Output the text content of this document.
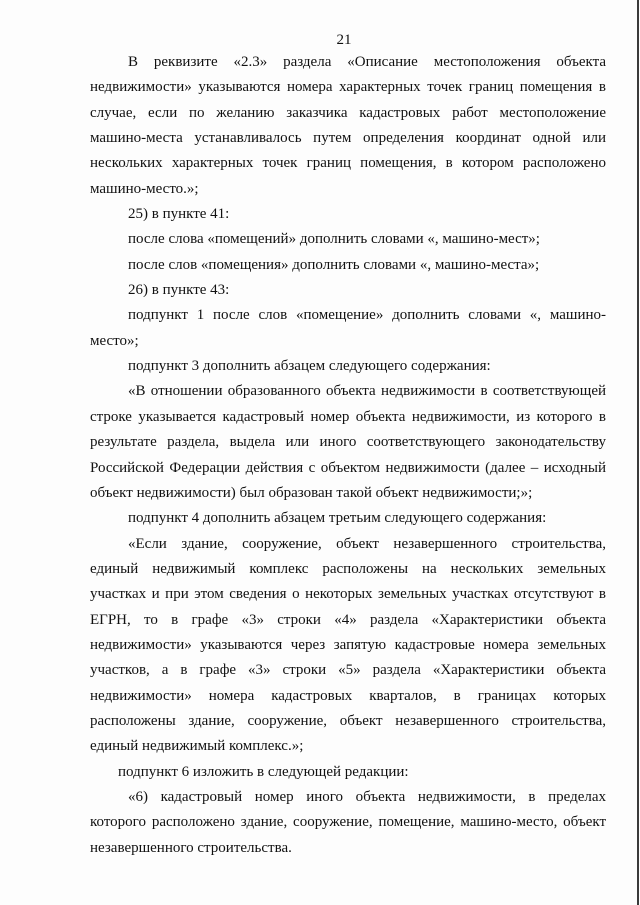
21
В реквизите «2.3» раздела «Описание местоположения объекта
недвижимости» указываются номера характерных точек границ помещения в
случае, если по желанию заказчика кадастровых работ местоположение
машино-места устанавливалось путем определения координат одной или
нескольких характерных точек границ помещения, в котором расположено
машино-место.»;
25) в пункте 41:
после слова «помещений» дополнить словами «, машино-мест»;
после слов «помещения» дополнить словами «, машино-места»;
26) в пункте 43:
подпункт 1 после слов «помещение» дополнить словами «, машино-
место»;
подпункт 3 дополнить абзацем следующего содержания:
«В отношении образованного объекта недвижимости в соответствующей
строке указывается кадастровый номер объекта недвижимости, из которого в
результате раздела, выдела или иного соответствующего законодательству
Российской Федерации действия с объектом недвижимости (далее – исходный
объект недвижимости) был образован такой объект недвижимости;»;
подпункт 4 дополнить абзацем третьим следующего содержания:
«Если здание, сооружение, объект незавершенного строительства,
единый недвижимый комплекс расположены на нескольких земельных
участках и при этом сведения о некоторых земельных участках отсутствуют в
ЕГРН, то в графе «3» строки «4» раздела «Характеристики объекта
недвижимости» указываются через запятую кадастровые номера земельных
участков, а в графе «3» строки «5» раздела «Характеристики объекта
недвижимости» номера кадастровых кварталов, в границах которых
расположены здание, сооружение, объект незавершенного строительства,
единый недвижимый комплекс.»;
подпункт 6 изложить в следующей редакции:
«6) кадастровый номер иного объекта недвижимости, в пределах
которого расположено здание, сооружение, помещение, машино-место, объект
незавершенного строительства.
